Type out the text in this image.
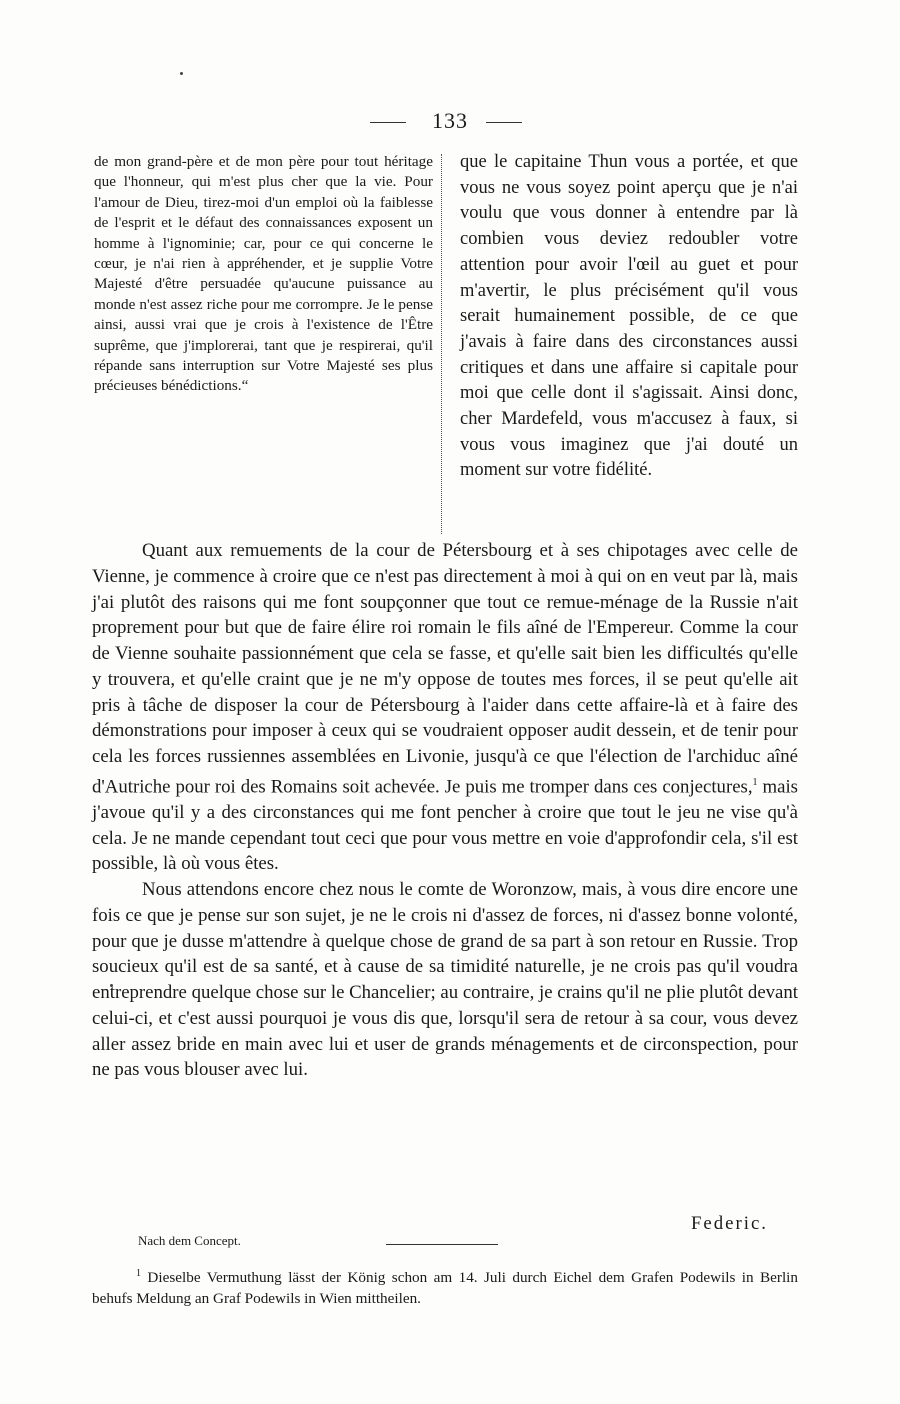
133

de mon grand-père et de mon père pour tout héritage que l'honneur, qui m'est plus cher que la vie. Pour l'amour de Dieu, tirez-moi d'un emploi où la faiblesse de l'esprit et le défaut des connaissances exposent un homme à l'ignominie; car, pour ce qui concerne le cœur, je n'ai rien à appréhender, et je supplie Votre Majesté d'être persuadée qu'aucune puissance au monde n'est assez riche pour me corrompre. Je le pense ainsi, aussi vrai que je crois à l'existence de l'Être suprême, que j'implorerai, tant que je respirerai, qu'il répande sans interruption sur Votre Majesté ses plus précieuses bénédictions.“

que le capitaine Thun vous a portée, et que vous ne vous soyez point aperçu que je n'ai voulu que vous donner à entendre par là combien vous deviez redoubler votre attention pour avoir l'œil au guet et pour m'avertir, le plus précisément qu'il vous serait humainement possible, de ce que j'avais à faire dans des circonstances aussi critiques et dans une affaire si capitale pour moi que celle dont il s'agissait. Ainsi donc, cher Mardefeld, vous m'accusez à faux, si vous vous imaginez que j'ai douté un moment sur votre fidélité.

Quant aux remuements de la cour de Pétersbourg et à ses chipotages avec celle de Vienne, je commence à croire que ce n'est pas directement à moi à qui on en veut par là, mais j'ai plutôt des raisons qui me font soupçonner que tout ce remue-ménage de la Russie n'ait proprement pour but que de faire élire roi romain le fils aîné de l'Empereur. Comme la cour de Vienne souhaite passionnément que cela se fasse, et qu'elle sait bien les difficultés qu'elle y trouvera, et qu'elle craint que je ne m'y oppose de toutes mes forces, il se peut qu'elle ait pris à tâche de disposer la cour de Pétersbourg à l'aider dans cette affaire-là et à faire des démonstrations pour imposer à ceux qui se voudraient opposer audit dessein, et de tenir pour cela les forces russiennes assemblées en Livonie, jusqu'à ce que l'élection de l'archiduc aîné d'Autriche pour roi des Romains soit achevée. Je puis me tromper dans ces conjectures,$^1$ mais j'avoue qu'il y a des circonstances qui me font pencher à croire que tout le jeu ne vise qu'à cela. Je ne mande cependant tout ceci que pour vous mettre en voie d'approfondir cela, s'il est possible, là où vous êtes.

Nous attendons encore chez nous le comte de Woronzow, mais, à vous dire encore une fois ce que je pense sur son sujet, je ne le crois ni d'assez de forces, ni d'assez bonne volonté, pour que je dusse m'attendre à quelque chose de grand de sa part à son retour en Russie. Trop soucieux qu'il est de sa santé, et à cause de sa timidité naturelle, je ne crois pas qu'il voudra entreprendre quelque chose sur le Chancelier; au contraire, je crains qu'il ne plie plutôt devant celui-ci, et c'est aussi pourquoi je vous dis que, lorsqu'il sera de retour à sa cour, vous devez aller assez bride en main avec lui et user de grands ménagements et de circonspection, pour ne pas vous blouser avec lui.

Federic.
Nach dem Concept.
$^1$ Dieselbe Vermuthung lässt der König schon am 14. Juli durch Eichel dem Grafen Podewils in Berlin behufs Meldung an Graf Podewils in Wien mittheilen.
